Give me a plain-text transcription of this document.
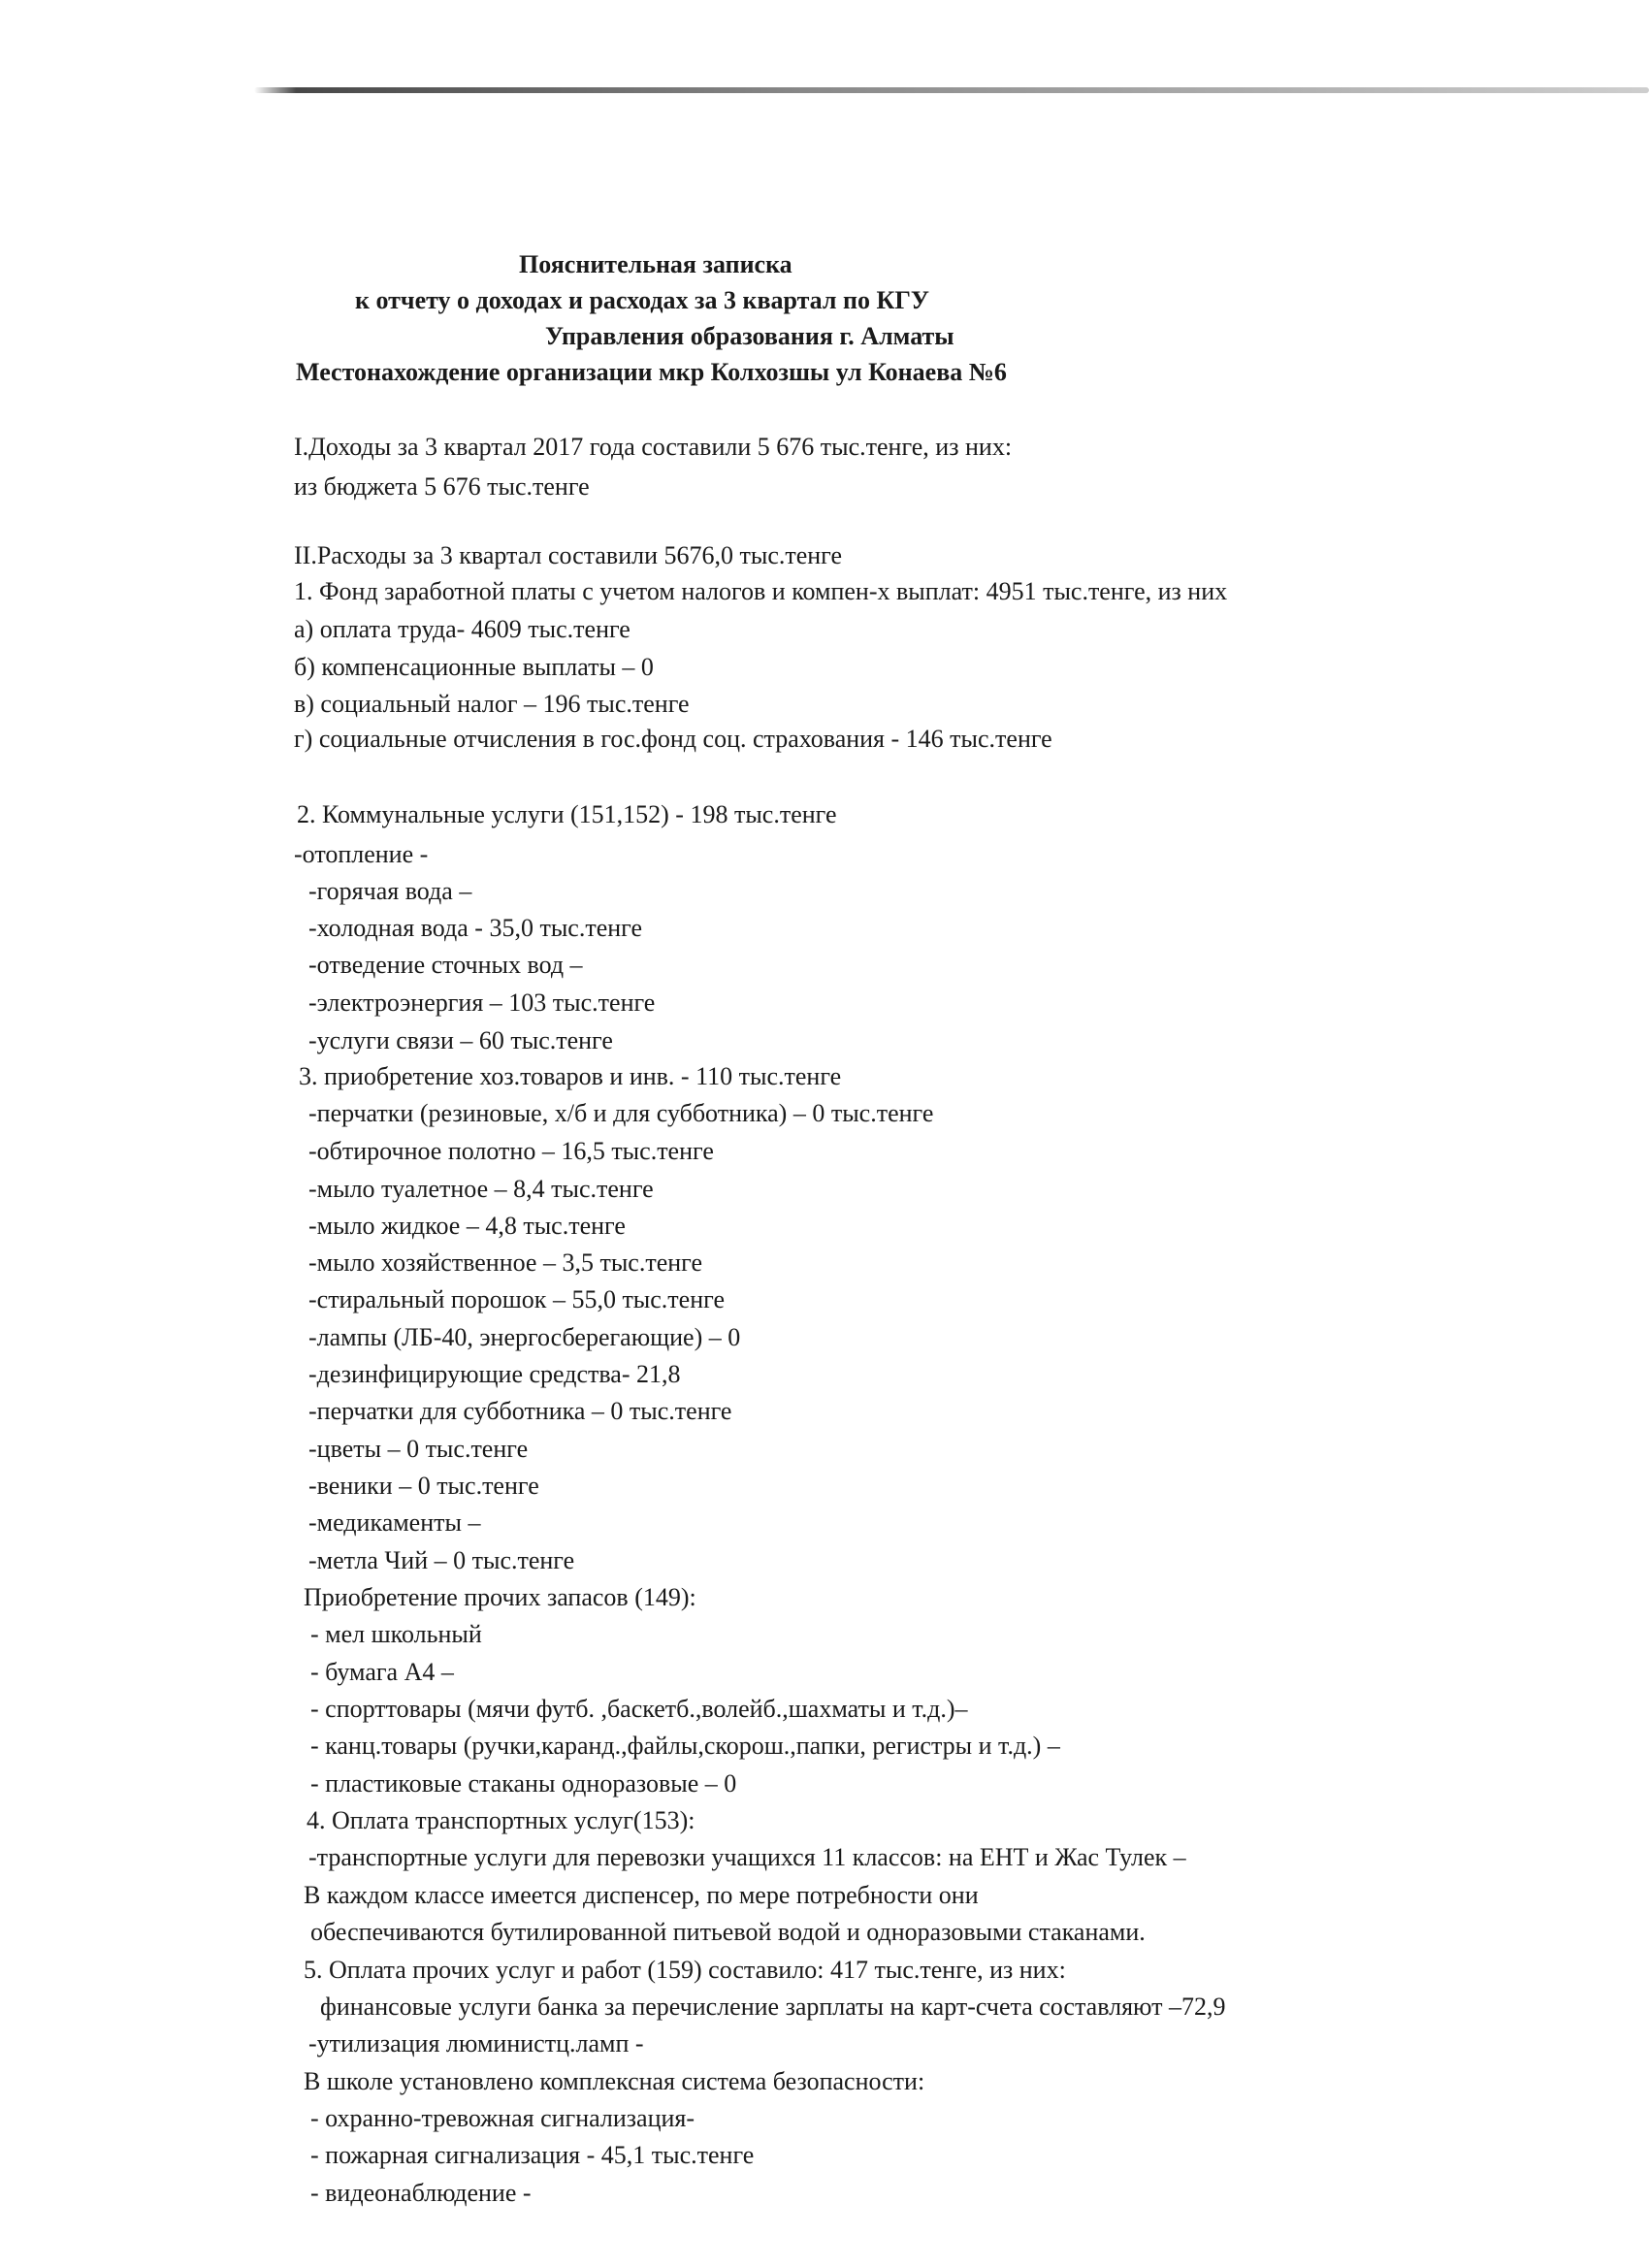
Пояснительная записка
к отчету о доходах и расходах за 3 квартал по КГУ
Управления образования г. Алматы
Местонахождение организации мкр Колхозшы ул Конаева №6
I.Доходы за 3 квартал 2017 года составили 5 676 тыс.тенге, из них:
из бюджета 5 676 тыс.тенге
II.Расходы за 3 квартал составили 5676,0 тыс.тенге
1. Фонд заработной платы с учетом налогов и компен-х выплат: 4951 тыс.тенге, из них
а) оплата труда- 4609 тыс.тенге
б) компенсационные выплаты – 0
в) социальный налог – 196 тыс.тенге
г) социальные отчисления в гос.фонд соц. страхования - 146 тыс.тенге
2. Коммунальные услуги (151,152) - 198 тыс.тенге
-отопление -
-горячая вода –
-холодная вода - 35,0 тыс.тенге
-отведение сточных вод –
-электроэнергия – 103 тыс.тенге
-услуги связи – 60 тыс.тенге
3. приобретение хоз.товаров и инв. - 110 тыс.тенге
-перчатки (резиновые, х/б и для субботника) – 0 тыс.тенге
-обтирочное полотно – 16,5 тыс.тенге
-мыло туалетное – 8,4 тыс.тенге
-мыло жидкое – 4,8 тыс.тенге
-мыло хозяйственное – 3,5 тыс.тенге
-стиральный порошок – 55,0 тыс.тенге
-лампы (ЛБ-40, энергосберегающие) – 0
-дезинфицирующие средства- 21,8
-перчатки для субботника – 0 тыс.тенге
-цветы – 0 тыс.тенге
-веники – 0 тыс.тенге
-медикаменты –
-метла Чий – 0 тыс.тенге
Приобретение прочих запасов (149):
- мел школьный
- бумага А4 –
- спорттовары (мячи футб. ,баскетб.,волейб.,шахматы и т.д.)–
- канц.товары (ручки,каранд.,файлы,скорош.,папки, регистры и т.д.) –
- пластиковые стаканы одноразовые – 0
4. Оплата транспортных услуг(153):
-транспортные услуги для перевозки учащихся 11 классов: на ЕНТ и Жас Тулек –
В каждом классе имеется диспенсер, по мере потребности они
обеспечиваются бутилированной питьевой водой и одноразовыми стаканами.
5. Оплата прочих услуг и работ (159) составило: 417 тыс.тенге, из них:
финансовые услуги банка за перечисление зарплаты на карт-счета составляют –72,9
-утилизация люминистц.ламп -
В школе установлено комплексная система безопасности:
- охранно-тревожная сигнализация-
- пожарная сигнализация - 45,1 тыс.тенге
- видеонаблюдение -
